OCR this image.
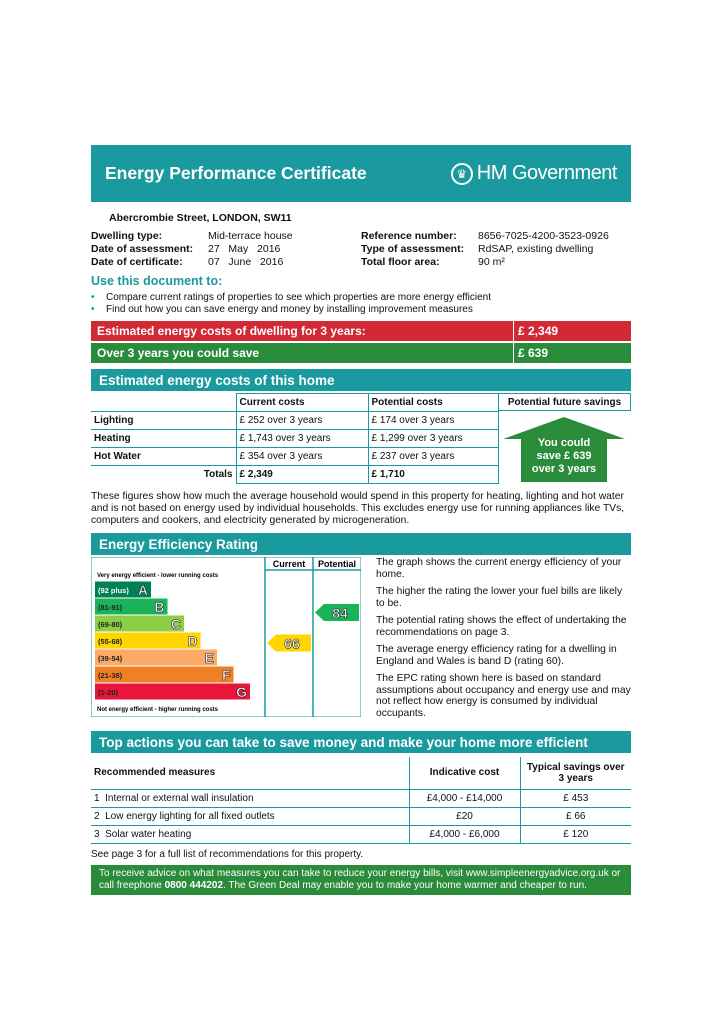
Energy Performance Certificate	♛ HM Government
Abercrombie Street, LONDON, SW11
Dwelling type:	Mid-terrace house	Reference number:	8656-7025-4200-3523-0926
Date of assessment:	27   May   2016	Type of assessment:	RdSAP, existing dwelling
Date of certificate:	07   June   2016	Total floor area:	90 m²
Use this document to:
•	Compare current ratings of properties to see which properties are more energy efficient
•	Find out how you can save energy and money by installing improvement measures
Estimated energy costs of dwelling for 3 years:	£ 2,349
Over 3 years you could save	£ 639
Estimated energy costs of this home
	Current costs	Potential costs
Lighting	£ 252 over 3 years	£ 174 over 3 years
Heating	£ 1,743 over 3 years	£ 1,299 over 3 years
Hot Water	£ 354 over 3 years	£ 237 over 3 years
Totals	£ 2,349	£ 1,710
Potential future savings
You could
save £ 639
over 3 years
These figures show how much the average household would spend in this property for heating, lighting and hot water and is not based on energy used by individual households. This excludes energy use for running appliances like TVs, computers and cookers, and electricity generated by microgeneration.
Energy Efficiency Rating
Current Potential
Very energy efficient - lower running costs
Not energy efficient - higher running costs
(92 plus) A
(81-91) B
(69-80)	C
(55-68)	D
(39-54)	E
(21-38)	F
(1-20)	G
66
84

The graph shows the current energy efficiency of your home.

The higher the rating the lower your fuel bills are likely to be.

The potential rating shows the effect of undertaking the recommendations on page 3.

The average energy efficiency rating for a dwelling in England and Wales is band D (rating 60).

The EPC rating shown here is based on standard assumptions about occupancy and energy use and may not reflect how energy is consumed by individual occupants.

Top actions you can take to save money and make your home more efficient
Recommended measures	Indicative cost	Typical savings over 3 years
1  Internal or external wall insulation	£4,000 - £14,000	£ 453
2  Low energy lighting for all fixed outlets	£20	£ 66
3  Solar water heating	£4,000 - £6,000	£ 120
See page 3 for a full list of recommendations for this property.
To receive advice on what measures you can take to reduce your energy bills, visit www.simpleenergyadvice.org.uk or call freephone 0800 444202. The Green Deal may enable you to make your home warmer and cheaper to run.
